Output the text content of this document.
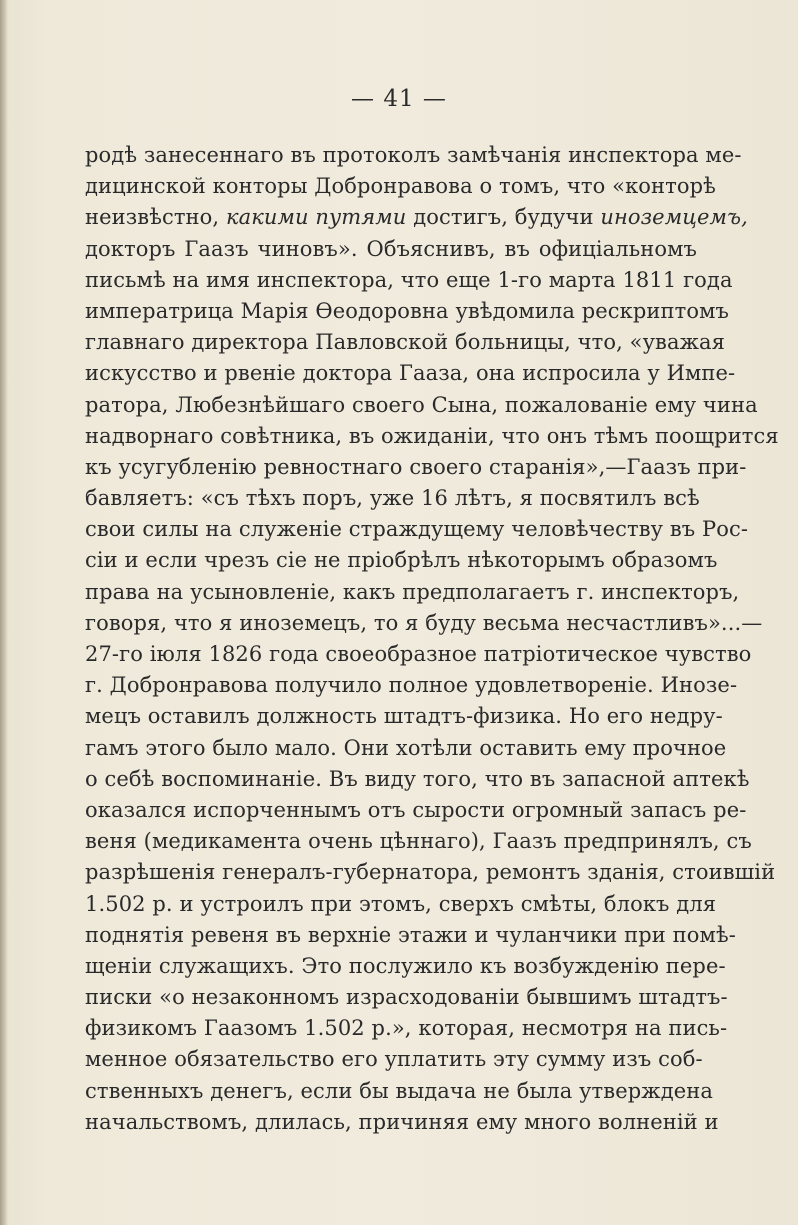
— 41 —
родѣ занесеннаго въ протоколъ замѣчанія инспектора ме-
дицинской конторы Добронравова о томъ, что «конторѣ
неизвѣстно, какими путями достигъ, будучи иноземцемъ,
докторъ Гаазъ чиновъ». Объяснивъ, въ офиціальномъ
письмѣ на имя инспектора, что еще 1-го марта 1811 года
императрица Марія Ѳеодоровна увѣдомила рескриптомъ
главнаго директора Павловской больницы, что, «уважая
искусство и рвеніе доктора Гааза, она испросила у Импе-
ратора, Любезнѣйшаго своего Сына, пожалованіе ему чина
надворнаго совѣтника, въ ожиданіи, что онъ тѣмъ поощрится
къ усугубленію ревностнаго своего старанія»,—Гаазъ при-
бавляетъ: «съ тѣхъ поръ, уже 16 лѣтъ, я посвятилъ всѣ
свои силы на служеніе страждущему человѣчеству въ Рос-
сіи и если чрезъ сіе не пріобрѣлъ нѣкоторымъ образомъ
права на усыновленіе, какъ предполагаетъ г. инспекторъ,
говоря, что я иноземецъ, то я буду весьма несчастливъ»...—
27-го іюля 1826 года своеобразное патріотическое чувство
г. Добронравова получило полное удовлетвореніе. Инозе-
мецъ оставилъ должность штадтъ-физика. Но его недру-
гамъ этого было мало. Они хотѣли оставить ему прочное
о себѣ воспоминаніе. Въ виду того, что въ запасной аптекѣ
оказался испорченнымъ отъ сырости огромный запасъ ре-
веня (медикамента очень цѣннаго), Гаазъ предпринялъ, съ
разрѣшенія генералъ-губернатора, ремонтъ зданія, стоившій
1.502 р. и устроилъ при этомъ, сверхъ смѣты, блокъ для
поднятія ревеня въ верхніе этажи и чуланчики при помѣ-
щеніи служащихъ. Это послужило къ возбужденію пере-
писки «о незаконномъ израсходованіи бывшимъ штадтъ-
физикомъ Гаазомъ 1.502 р.», которая, несмотря на пись-
менное обязательство его уплатить эту сумму изъ соб-
ственныхъ денегъ, если бы выдача не была утверждена
начальствомъ, длилась, причиняя ему много волненій и
